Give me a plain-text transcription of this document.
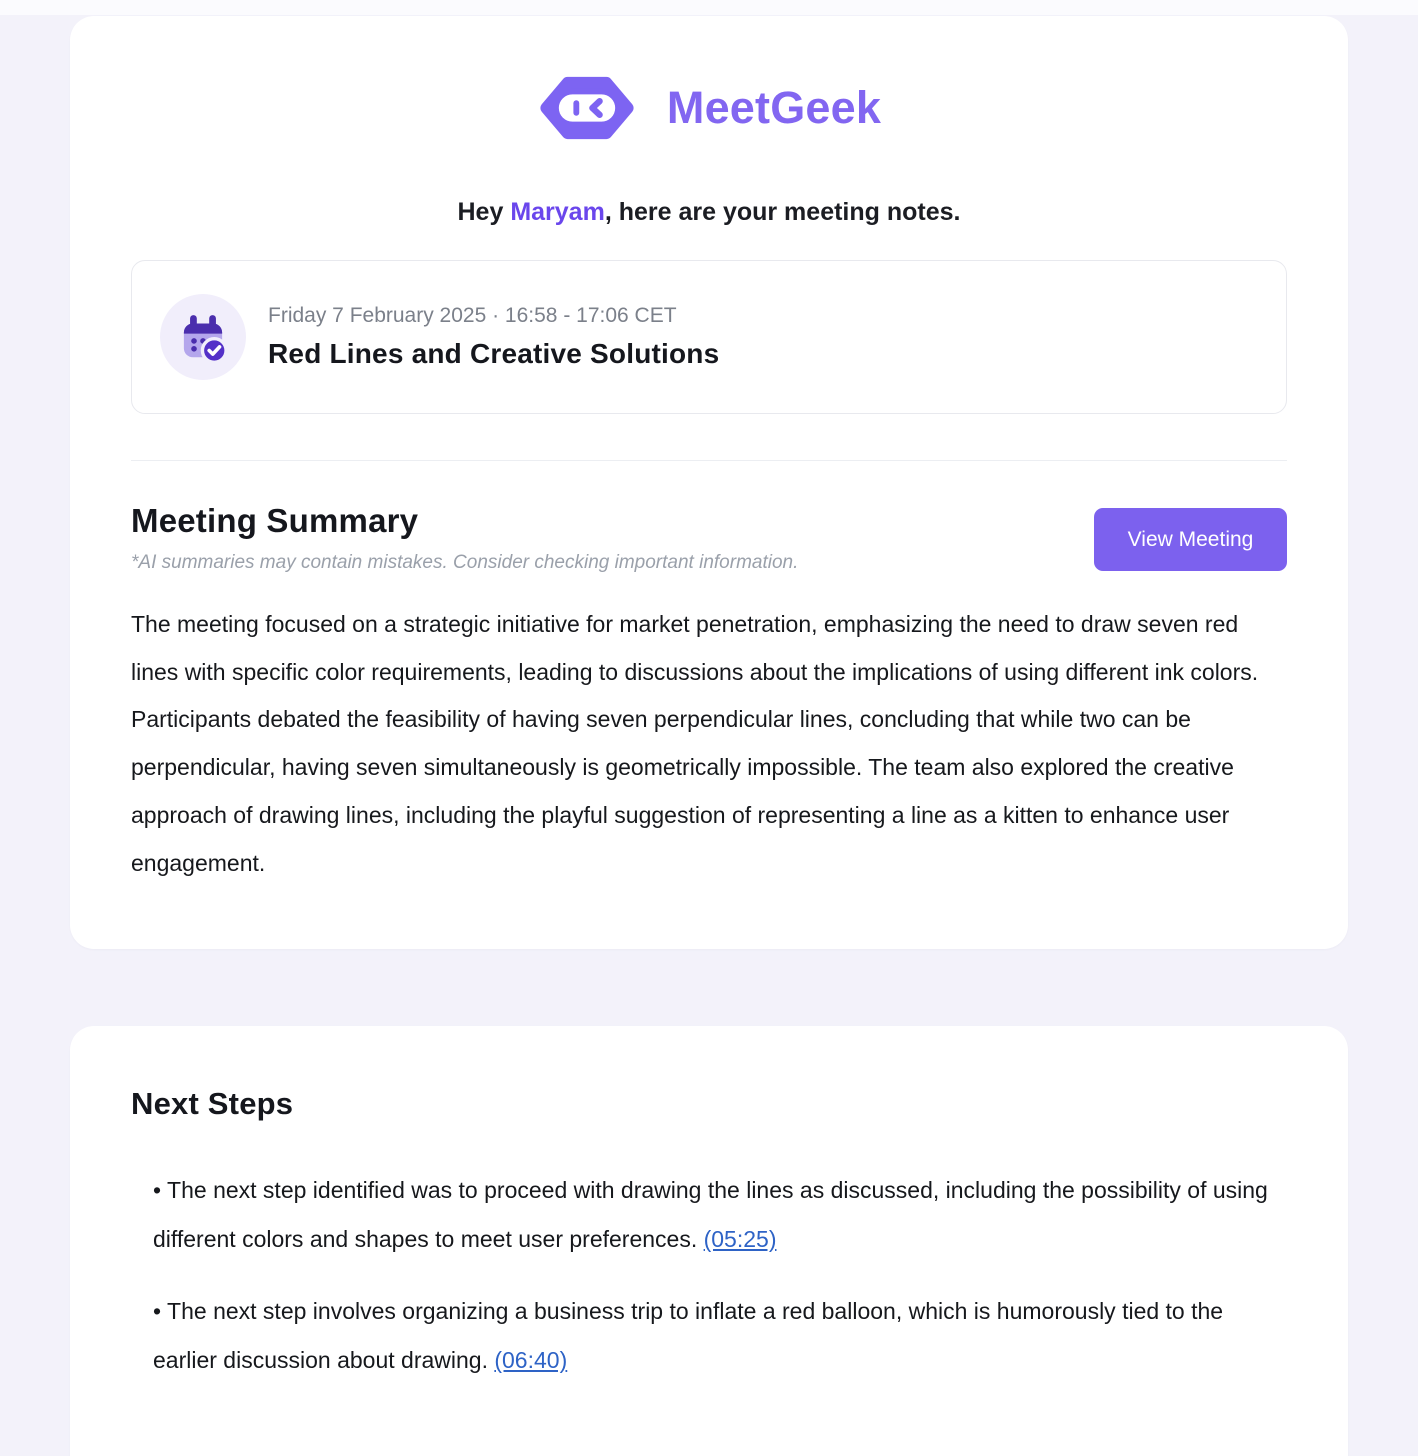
MeetGeek
Hey Maryam, here are your meeting notes.
Friday 7 February 2025 · 16:58 - 17:06 CET
Red Lines and Creative Solutions
Meeting Summary
*AI summaries may contain mistakes. Consider checking important information.
View Meeting

The meeting focused on a strategic initiative for market penetration, emphasizing the need to draw seven red lines with specific color requirements, leading to discussions about the implications of using different ink colors. Participants debated the feasibility of having seven perpendicular lines, concluding that while two can be perpendicular, having seven simultaneously is geometrically impossible. The team also explored the creative approach of drawing lines, including the playful suggestion of representing a line as a kitten to enhance user engagement.

Next Steps
• The next step identified was to proceed with drawing the lines as discussed, including the possibility of using different colors and shapes to meet user preferences. (05:25)
• The next step involves organizing a business trip to inflate a red balloon, which is humorously tied to the earlier discussion about drawing. (06:40)
